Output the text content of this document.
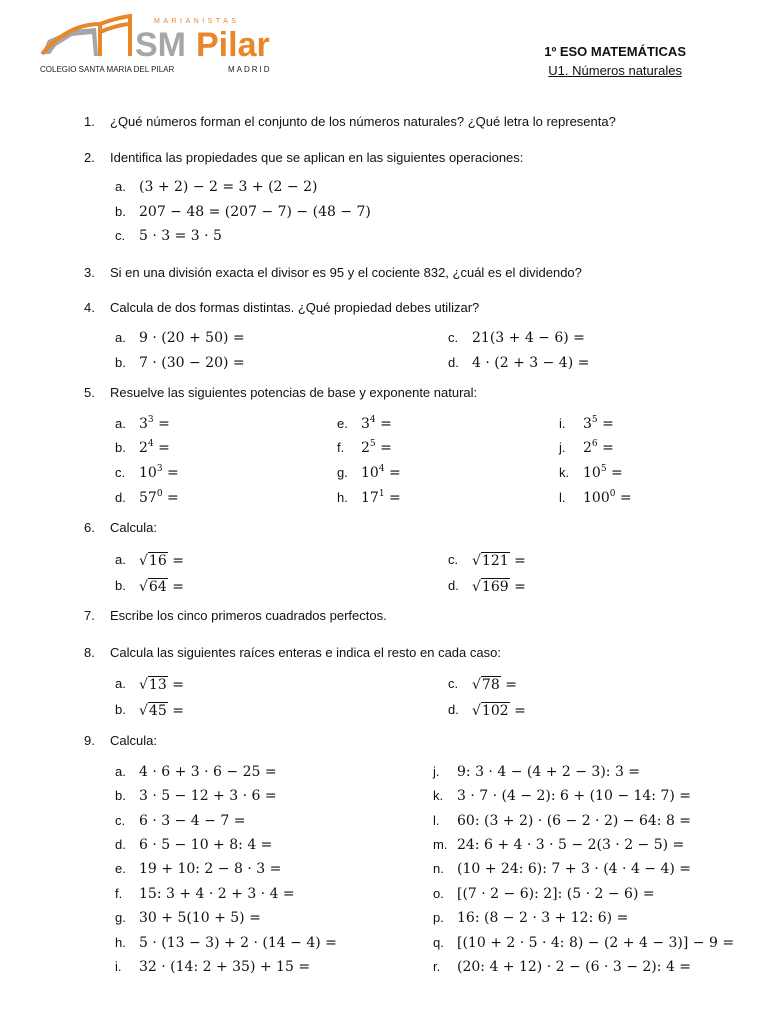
MARIANISTAS
SM Pilar
COLEGIO SANTA MARIA DEL PILAR	MADRID
1º ESO MATEMÁTICAS
U1. Números naturales
1. ¿Qué números forman el conjunto de los números naturales? ¿Qué letra lo representa?
2. Identifica las propiedades que se aplican en las siguientes operaciones:
a. (3 + 2) − 2 = 3 + (2 − 2)
b. 207 − 48 = (207 − 7) − (48 − 7)
c. 5 · 3 = 3 · 5
3. Si en una división exacta el divisor es 95 y el cociente 832, ¿cuál es el dividendo?
4. Calcula de dos formas distintas. ¿Qué propiedad debes utilizar?
a. 9 · (20 + 50) =
b. 7 · (30 − 20) =
c. 21(3 + 4 − 6) =
d. 4 · (2 + 3 − 4) =
5. Resuelve las siguientes potencias de base y exponente natural:
a. $3^3$ =
b. $2^4$ =
c. $10^3$ =
d. $57^0$ =
e. $3^4$ =
f. $2^5$ =
g. $10^4$ =
h. $17^1$ =
i. $3^5$ =
j. $2^6$ =
k. $10^5$ =
l. $100^0$ =
6. Calcula:
a. √16 =
b. √64 =
c. √121 =
d. √169 =
7. Escribe los cinco primeros cuadrados perfectos.
8. Calcula las siguientes raíces enteras e indica el resto en cada caso:
a. √13 =
b. √45 =
c. √78 =
d. √102 =
9. Calcula:
a. 4 · 6 + 3 · 6 − 25 =
b. 3 · 5 − 12 + 3 · 6 =
c. 6 · 3 − 4 − 7 =
d. 6 · 5 − 10 + 8: 4 =
e. 19 + 10: 2 − 8 · 3 =
f. 15: 3 + 4 · 2 + 3 · 4 =
g. 30 + 5(10 + 5) =
h. 5 · (13 − 3) + 2 · (14 − 4) =
i. 32 · (14: 2 + 35) + 15 =
j. 9: 3 · 4 − (4 + 2 − 3): 3 =
k. 3 · 7 · (4 − 2): 6 + (10 − 14: 7) =
l. 60: (3 + 2) · (6 − 2 · 2) − 64: 8 =
m. 24: 6 + 4 · 3 · 5 − 2(3 · 2 − 5) =
n. (10 + 24: 6): 7 + 3 · (4 · 4 − 4) =
o. [(7 · 2 − 6): 2]: (5 · 2 − 6) =
p. 16: (8 − 2 · 3 + 12: 6) =
q. [(10 + 2 · 5 · 4: 8) − (2 + 4 − 3)] − 9 =
r. (20: 4 + 12) · 2 − (6 · 3 − 2): 4 =
